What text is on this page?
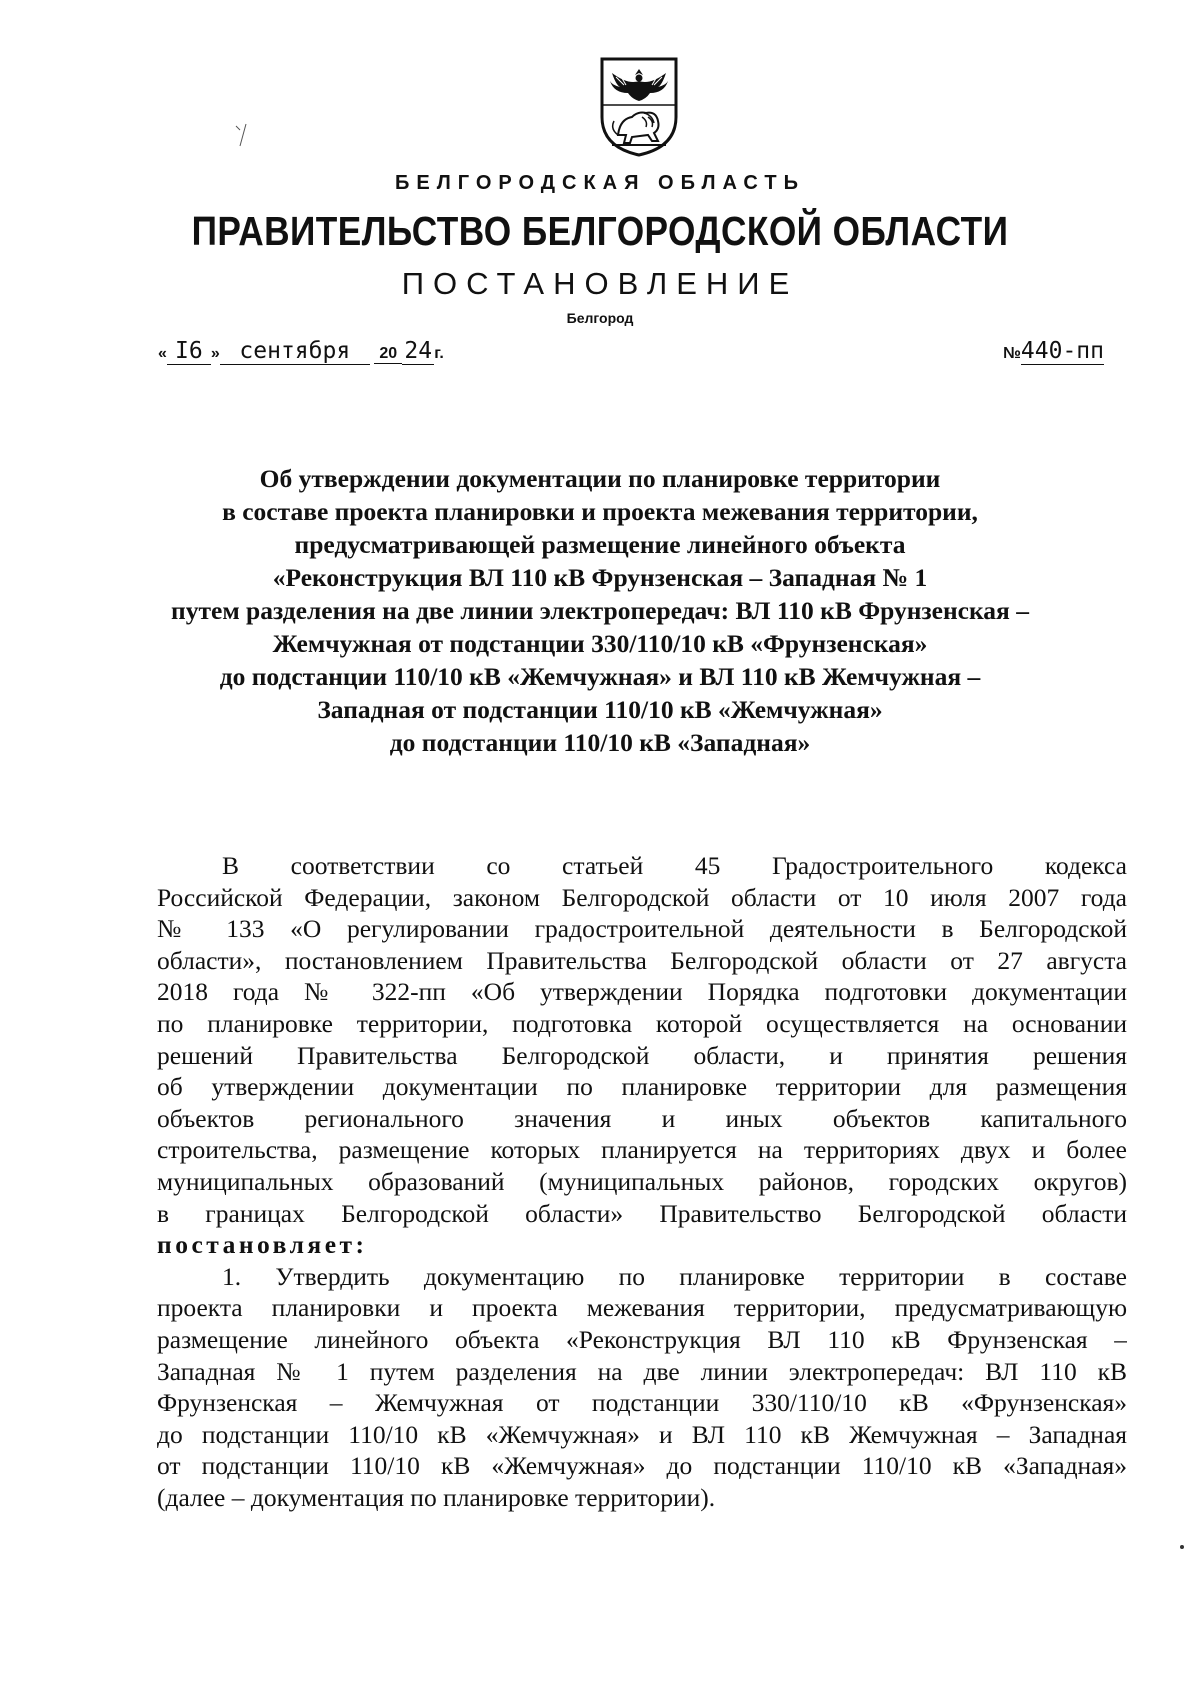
БЕЛГОРОДСКАЯ ОБЛАСТЬ
ПРАВИТЕЛЬСТВО БЕЛГОРОДСКОЙ ОБЛАСТИ
ПОСТАНОВЛЕНИЕ
Белгород
« I6 » сентября 20 24 г.	№440-пп
Об утверждении документации по планировке территории
в составе проекта планировки и проекта межевания территории,
предусматривающей размещение линейного объекта
«Реконструкция ВЛ 110 кВ Фрунзенская – Западная № 1
путем разделения на две линии электропередач: ВЛ 110 кВ Фрунзенская –
Жемчужная от подстанции 330/110/10 кВ «Фрунзенская»
до подстанции 110/10 кВ «Жемчужная» и ВЛ 110 кВ Жемчужная –
Западная от подстанции 110/10 кВ «Жемчужная»
до подстанции 110/10 кВ «Западная»
В соответствии со статьей 45 Градостроительного кодекса
Российской Федерации, законом Белгородской области от 10 июля 2007 года
№ 133 «О регулировании градостроительной деятельности в Белгородской
области», постановлением Правительства Белгородской области от 27 августа
2018 года № 322-пп «Об утверждении Порядка подготовки документации
по планировке территории, подготовка которой осуществляется на основании
решений Правительства Белгородской области, и принятия решения
об утверждении документации по планировке территории для размещения
объектов регионального значения и иных объектов капитального
строительства, размещение которых планируется на территориях двух и более
муниципальных образований (муниципальных районов, городских округов)
в границах Белгородской области» Правительство Белгородской области
постановляет:
1. Утвердить документацию по планировке территории в составе
проекта планировки и проекта межевания территории, предусматривающую
размещение линейного объекта «Реконструкция ВЛ 110 кВ Фрунзенская –
Западная № 1 путем разделения на две линии электропередач: ВЛ 110 кВ
Фрунзенская – Жемчужная от подстанции 330/110/10 кВ «Фрунзенская»
до подстанции 110/10 кВ «Жемчужная» и ВЛ 110 кВ Жемчужная – Западная
от подстанции 110/10 кВ «Жемчужная» до подстанции 110/10 кВ «Западная»
(далее – документация по планировке территории).
